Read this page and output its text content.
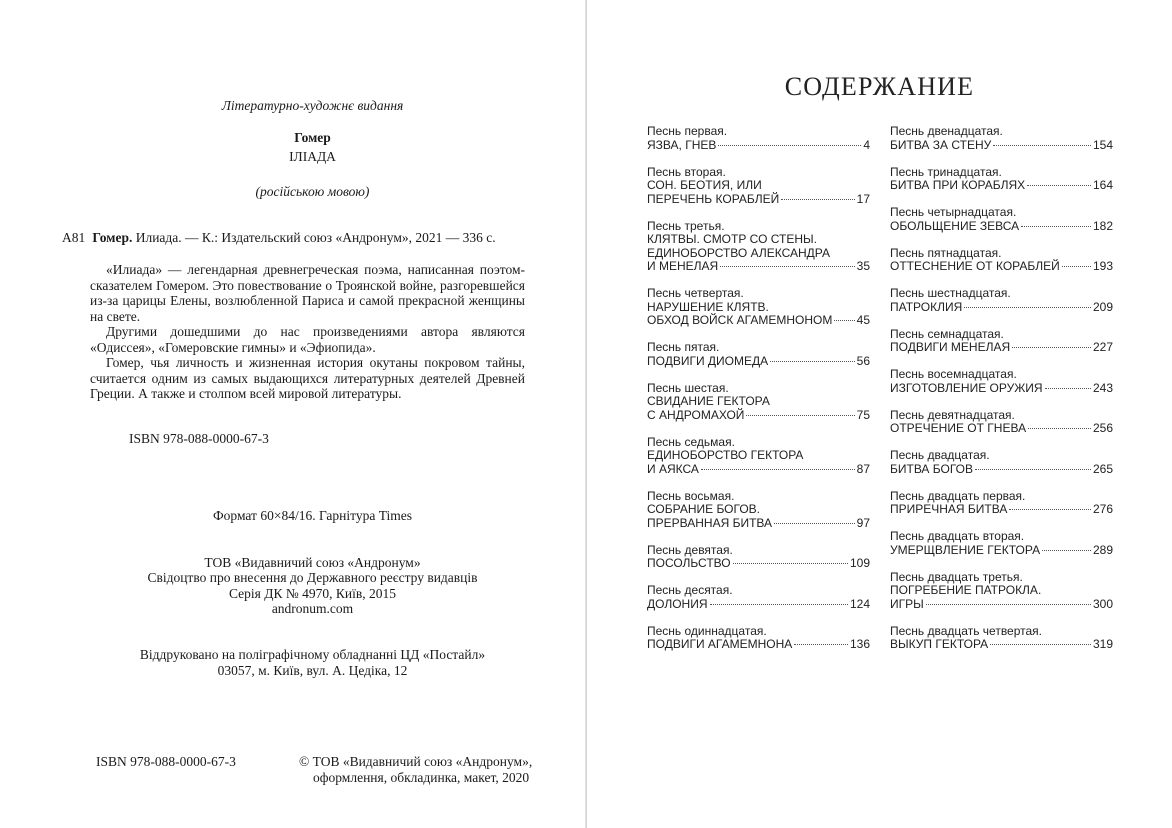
Літературно-художнє видання
Гомер
ІЛІАДА
(російською мовою)
А81 Гомер. Илиада. — К.: Издательский союз «Андронум», 2021 — 336 с.

«Илиада» — легендарная древнегреческая поэма, написанная поэтом-сказателем Гомером. Это повествование о Троянской войне, разгоревшейся из-за царицы Елены, возлюбленной Париса и самой прекрасной женщины на свете.

Другими дошедшими до нас произведениями автора являются «Одиссея», «Гомеровские гимны» и «Эфиопида».

Гомер, чья личность и жизненная история окутаны покровом тайны, считается одним из самых выдающихся литературных деятелей Древней Греции. А также и столпом всей мировой литературы.

ISBN 978-088-0000-67-3
Формат 60×84/16. Гарнітура Times
ТОВ «Видавничий союз «Андронум»
Свідоцтво про внесення до Державного реєстру видавців
Серія ДК № 4970, Київ, 2015
andronum.com
Віддруковано на поліграфічному обладнанні ЦД «Постайл»
03057, м. Київ, вул. А. Цедіка, 12
ISBN 978-088-0000-67-3	© ТОВ «Видавничий союз «Андронум»,
оформлення, обкладинка, макет, 2020
СОДЕРЖАНИЕ
Песнь первая.
ЯЗВА, ГНЕВ	4
Песнь вторая.
СОН. БЕОТИЯ, ИЛИ
ПЕРЕЧЕНЬ КОРАБЛЕЙ	17
Песнь третья.
КЛЯТВЫ. СМОТР СО СТЕНЫ.
ЕДИНОБОРСТВО АЛЕКСАНДРА
И МЕНЕЛАЯ	35
Песнь четвертая.
НАРУШЕНИЕ КЛЯТВ.
ОБХОД ВОЙСК АГАМЕМНОНОМ 45
Песнь пятая.
ПОДВИГИ ДИОМЕДА	56
Песнь шестая.
СВИДАНИЕ ГЕКТОРА
С АНДРОМАХОЙ	75
Песнь седьмая.
ЕДИНОБОРСТВО ГЕКТОРА
И АЯКСА	87
Песнь восьмая.
СОБРАНИЕ БОГОВ.
ПРЕРВАННАЯ БИТВА	97
Песнь девятая.
ПОСОЛЬСТВО	109
Песнь десятая.
ДОЛОНИЯ	124
Песнь одиннадцатая.
ПОДВИГИ АГАМЕМНОНА	136
Песнь двенадцатая.
БИТВА ЗА СТЕНУ	154
Песнь тринадцатая.
БИТВА ПРИ КОРАБЛЯХ	164
Песнь четырнадцатая.
ОБОЛЬЩЕНИЕ ЗЕВСА	182
Песнь пятнадцатая.
ОТТЕСНЕНИЕ ОТ КОРАБЛЕЙ	193
Песнь шестнадцатая.
ПАТРОКЛИЯ	209
Песнь семнадцатая.
ПОДВИГИ МЕНЕЛАЯ	227
Песнь восемнадцатая.
ИЗГОТОВЛЕНИЕ ОРУЖИЯ	243
Песнь девятнадцатая.
ОТРЕЧЕНИЕ ОТ ГНЕВА	256
Песнь двадцатая.
БИТВА БОГОВ	265
Песнь двадцать первая.
ПРИРЕЧНАЯ БИТВА	276
Песнь двадцать вторая.
УМЕРЩВЛЕНИЕ ГЕКТОРА	289
Песнь двадцать третья.
ПОГРЕБЕНИЕ ПАТРОКЛА.
ИГРЫ	300
Песнь двадцать четвертая.
ВЫКУП ГЕКТОРА	319
